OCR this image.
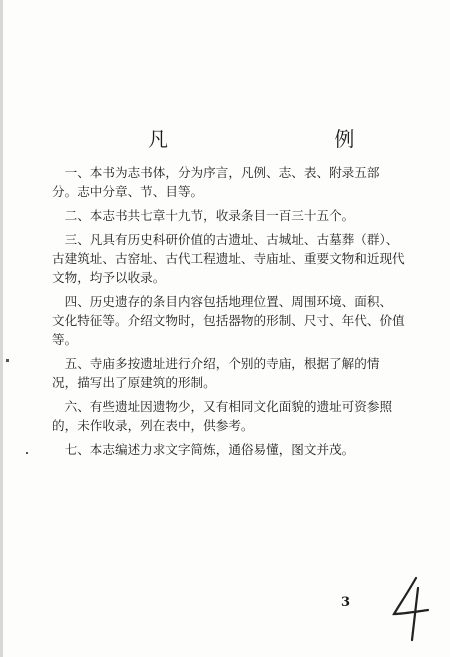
凡 例
　一、本书为志书体，分为序言，凡例、志、表、附录五部
分。志中分章、节、目等。
　二、本志书共七章十九节，收录条目一百三十五个。
　三、凡具有历史科研价值的古遗址、古城址、古墓葬（群）、
古建筑址、古窑址、古代工程遗址、寺庙址、重要文物和近现代
文物，均予以收录。
　四、历史遗存的条目内容包括地理位置、周围环境、面积、
文化特征等。介绍文物时，包括器物的形制、尺寸、年代、价值
等。
　五、寺庙多按遗址进行介绍，个别的寺庙，根据了解的情
况，描写出了原建筑的形制。
　六、有些遗址因遗物少，又有相同文化面貌的遗址可资参照
的，未作收录，列在表中，供参考。
　七、本志编述力求文字简炼，通俗易懂，图文并茂。
3
